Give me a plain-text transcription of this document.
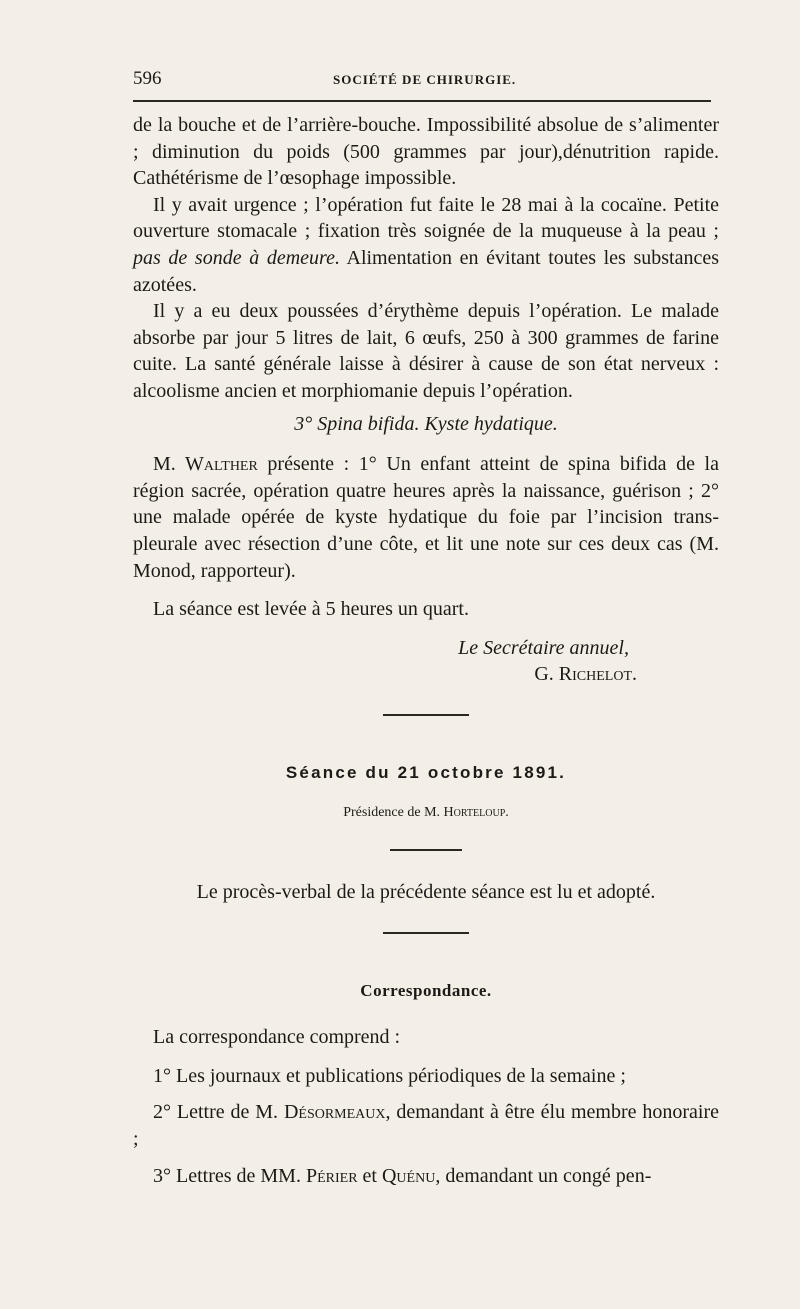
596	SOCIÉTÉ DE CHIRURGIE.

de la bouche et de l’arrière-bouche. Impossibilité absolue de s’alimenter ; diminution du poids (500 grammes par jour),dénutrition rapide. Cathétérisme de l’œsophage impossible.

Il y avait urgence ; l’opération fut faite le 28 mai à la cocaïne. Petite ouverture stomacale ; fixation très soignée de la muqueuse à la peau ; pas de sonde à demeure. Alimentation en évitant toutes les substances azotées.

Il y a eu deux poussées d’érythème depuis l’opération. Le malade absorbe par jour 5 litres de lait, 6 œufs, 250 à 300 grammes de farine cuite. La santé générale laisse à désirer à cause de son état nerveux : alcoolisme ancien et morphiomanie depuis l’opération.

3° Spina bifida. Kyste hydatique.

M. Walther présente : 1° Un enfant atteint de spina bifida de la région sacrée, opération quatre heures après la naissance, guérison ; 2° une malade opérée de kyste hydatique du foie par l’incision trans-pleurale avec résection d’une côte, et lit une note sur ces deux cas (M. Monod, rapporteur).

La séance est levée à 5 heures un quart.

Le Secrétaire annuel,

G. Richelot.

Séance du 21 octobre 1891.

Présidence de M. Horteloup.

Le procès-verbal de la précédente séance est lu et adopté.

Correspondance.

La correspondance comprend :

1° Les journaux et publications périodiques de la semaine ;

2° Lettre de M. Désormeaux, demandant à être élu membre honoraire ;

3° Lettres de MM. Périer et Quénu, demandant un congé pen-
